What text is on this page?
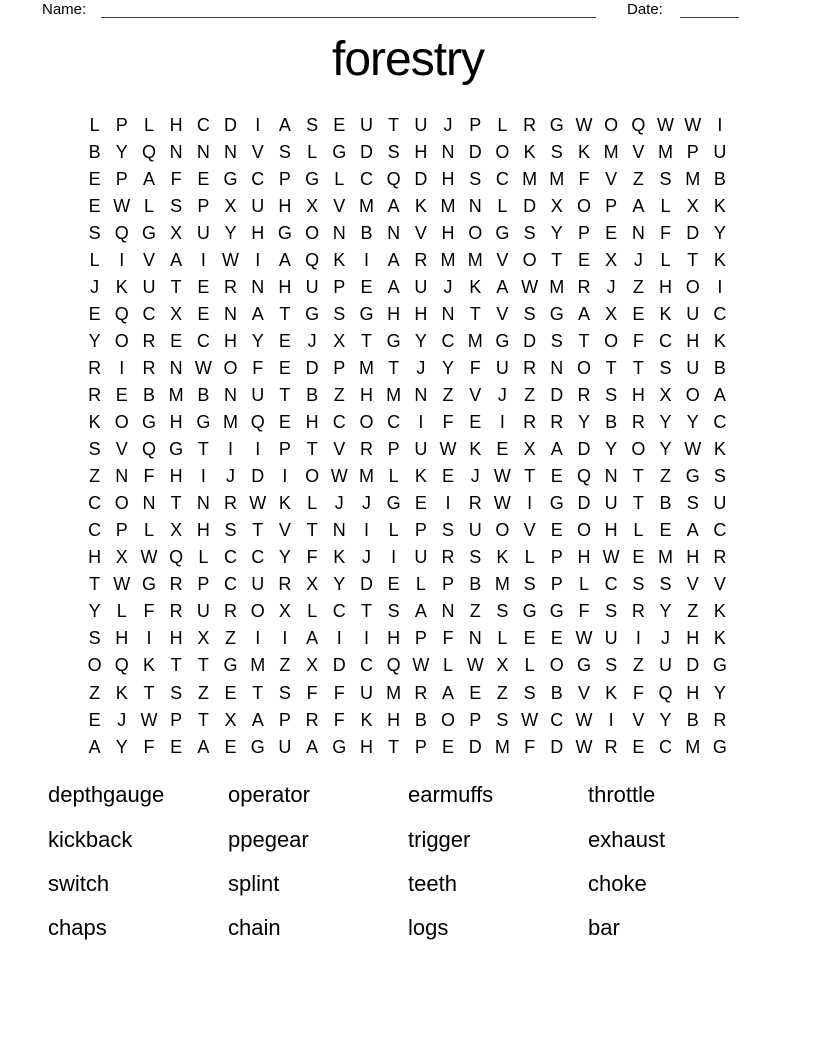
Name:	Date:
forestry
L P L H C D	I	A S E U T U J P L R G W O Q W W I
B Y Q N N N V S L G D S H N D O K S K M V M P U
E P A F E G C P G L C Q D H S C M M F V Z S M B
E W L S P X U H X V M A K M N L D X O P A L X K
S Q G X U Y H G O N B N V H O G S Y P E N F D Y
L	I	V A	I W I	A Q K	I	A R M M V O T E X J L T K
J K U T E R N H U P E A U J K A W M R J Z H O I
E Q C X E N A T G S G H H N T V S G A X E K U C
Y O R E C H Y E J X T G Y C M G D S T O F C H K
R	I	R N W O F E D P M T J Y F U R N O T T S U B
R E B M B N U T B Z H M N Z V J Z D R S H X O A
K O G H G M Q E H C O C	I	F E	I	R R Y B R Y Y C
S V Q G T	I	I	P T V R P U W K E X A D Y O Y W K
Z N F H	I	J D	I O W M L K E J W T E Q N T Z G S
C O N T N R W K L J	J G E	I	R W I G D U T B S U
C P L X H S T V T N	I	L P S U O V E O H L E A C
H X W Q L C C Y F K J	I	U R S K L P H W E M H R
T W G R P C U R X Y D E L P B M S P L C S S V V
Y L F R U R O X L C T S A N Z S G G F S R Y Z K
S H	I	H X Z	I	I	A	I	I	H P F N L E E W U	I	J H K
O Q K T T G M Z X D C Q W L W X L O G S Z U D G
Z K T S Z E T S F F U M R A E Z S B V K F Q H Y
E J W P T X A P R F K H B O P S W C W I	V Y B R
A Y F E A E G U A G H T P E D M F D W R E C M G
depthgauge	operator	earmuffs	throttle
kickback	ppegear	trigger	exhaust
switch	splint	teeth	choke
chaps	chain	logs	bar
